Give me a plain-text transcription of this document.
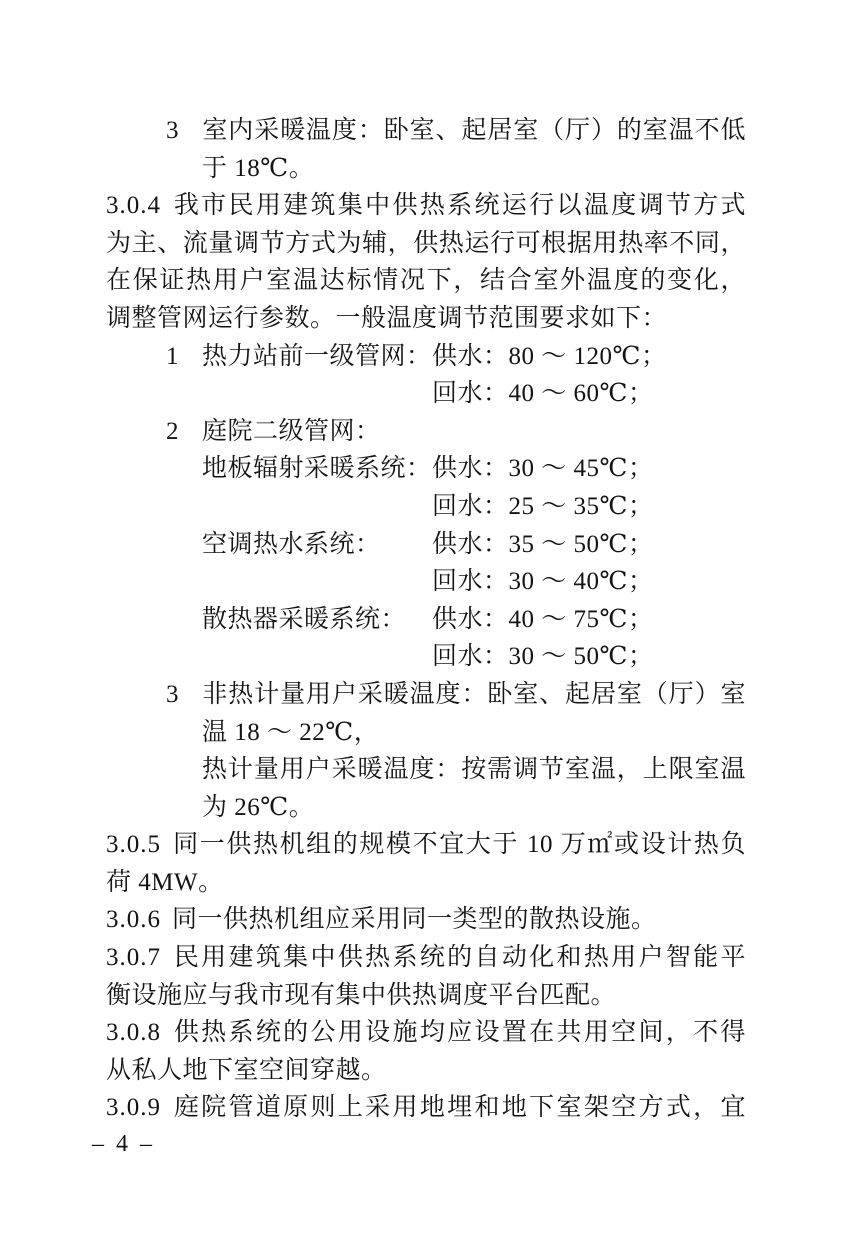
3 室内采暖温度：卧室、起居室（厅）的室温不低
于 18℃。
3.0.4 我市民用建筑集中供热系统运行以温度调节方式
为主、流量调节方式为辅，供热运行可根据用热率不同，
在保证热用户室温达标情况下，结合室外温度的变化，
调整管网运行参数。一般温度调节范围要求如下：
1 热力站前一级管网： 供水：80 ～ 120℃；
回水：40 ～ 60℃；
2 庭院二级管网：
地板辐射采暖系统： 供水：30 ～ 45℃；
回水：25 ～ 35℃；
空调热水系统： 供水：35 ～ 50℃；
回水：30 ～ 40℃；
散热器采暖系统： 供水：40 ～ 75℃；
回水：30 ～ 50℃；
3 非热计量用户采暖温度：卧室、起居室（厅）室
温 18 ～ 22℃，
热计量用户采暖温度：按需调节室温，上限室温
为 26℃。
3.0.5 同一供热机组的规模不宜大于 10 万㎡或设计热负
荷 4MW。
3.0.6 同一供热机组应采用同一类型的散热设施。
3.0.7 民用建筑集中供热系统的自动化和热用户智能平
衡设施应与我市现有集中供热调度平台匹配。
3.0.8 供热系统的公用设施均应设置在共用空间，不得
从私人地下室空间穿越。
3.0.9 庭院管道原则上采用地埋和地下室架空方式，宜
– 4 –
